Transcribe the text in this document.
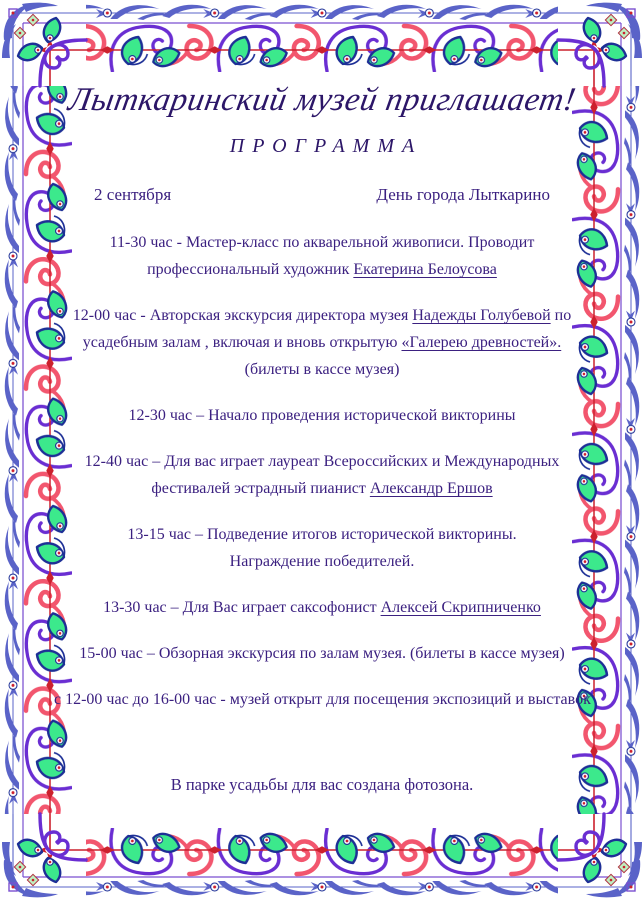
Лыткаринский музей приглашает!
ПРОГРАММА
2 сентября	День города Лыткарино
11-30 час - Мастер-класс по акварельной живописи. Проводит
профессиональный художник Екатерина Белоусова
12-00 час - Авторская экскурсия директора музея Надежды Голубевой по
усадебным залам , включая и вновь открытую «Галерею древностей».
(билеты в кассе музея)
12-30 час – Начало проведения исторической викторины
12-40 час – Для вас играет лауреат Всероссийских и Международных
фестивалей эстрадный пианист Александр Ершов
13-15 час – Подведение итогов исторической викторины.
Награждение победителей.
13-30 час – Для Вас играет саксофонист Алексей Скрипниченко
15-00 час – Обзорная экскурсия по залам музея. (билеты в кассе музея)
с 12-00 час до 16-00 час - музей открыт для посещения экспозиций и выставок
В парке усадьбы для вас создана фотозона.
